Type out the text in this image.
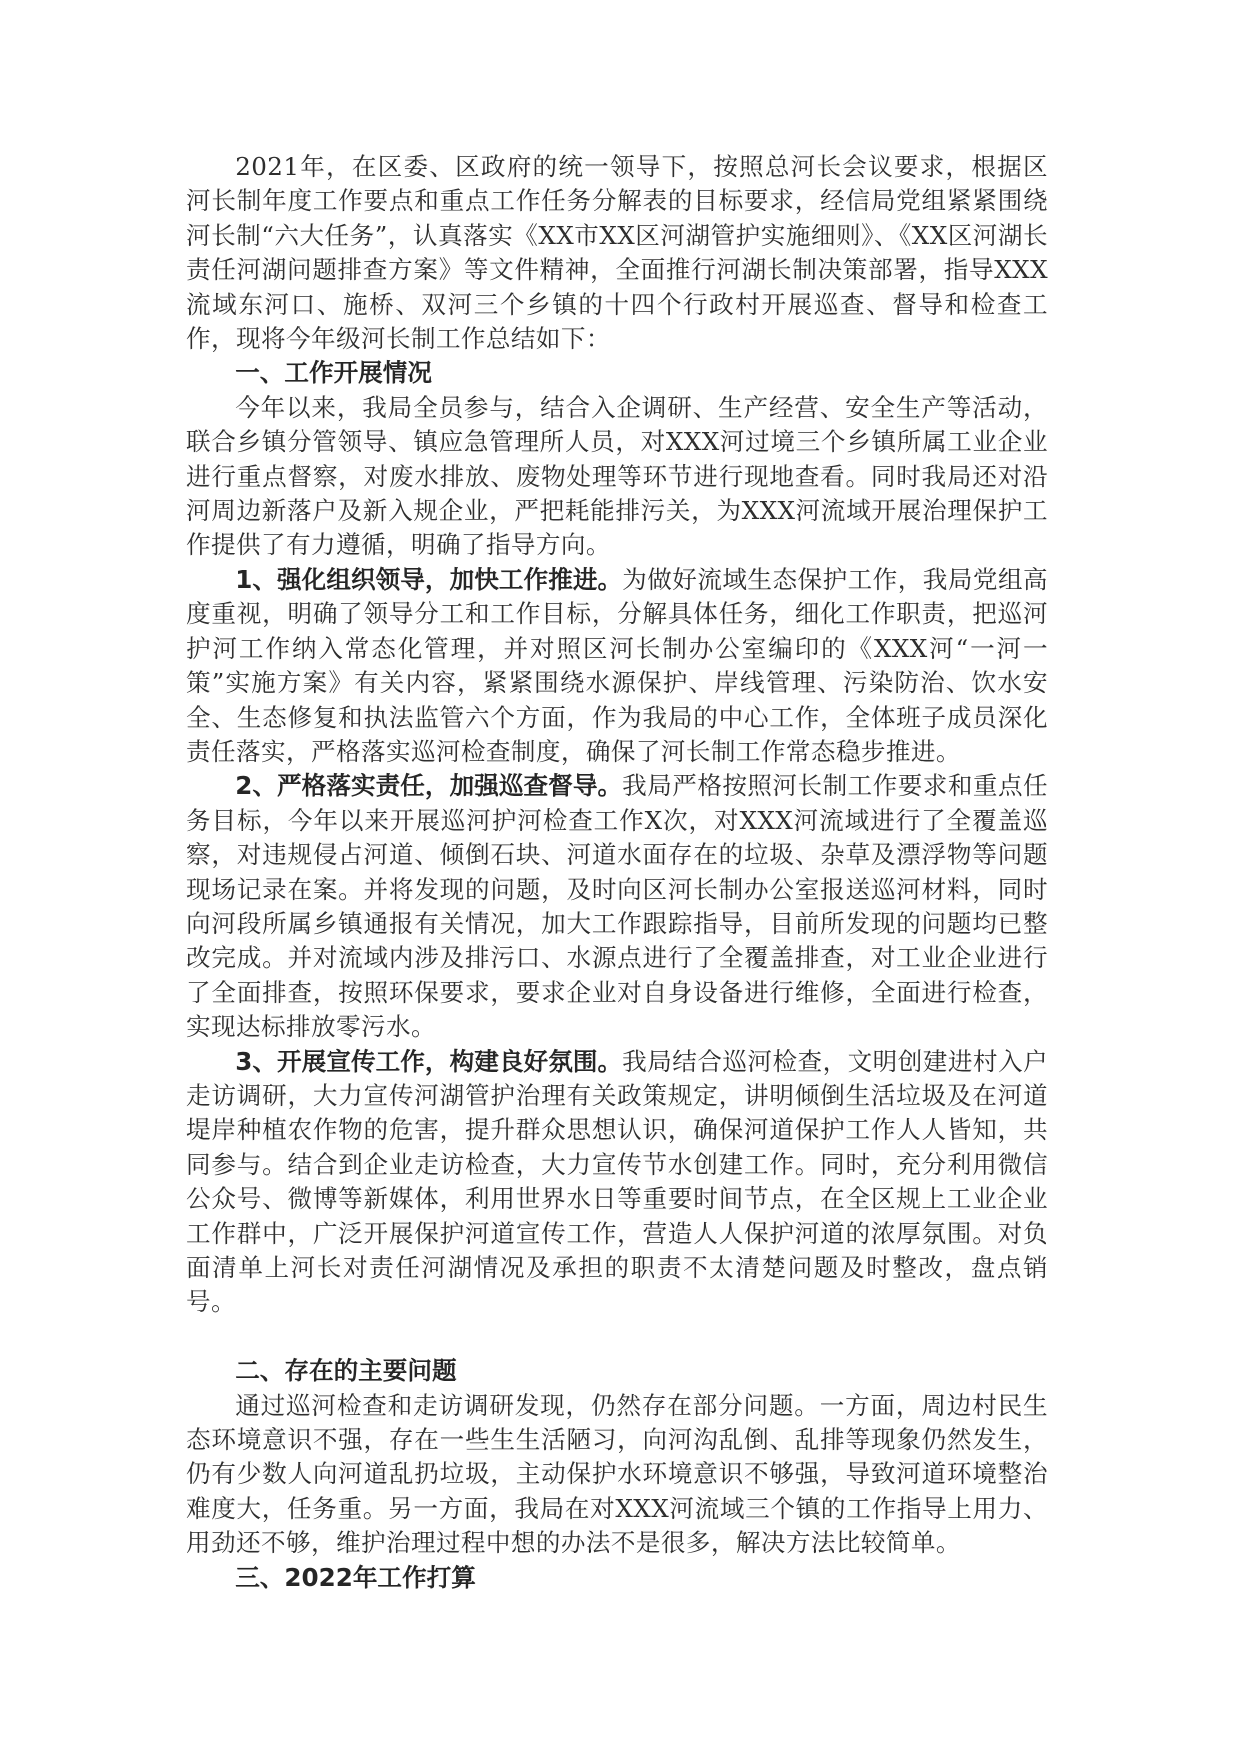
2021年，在区委、区政府的统一领导下，按照总河长会议要求，根据区河长制年度工作要点和重点工作任务分解表的目标要求，经信局党组紧紧围绕河长制“六大任务”，认真落实《XX市XX区河湖管护实施细则》、《XX区河湖长责任河湖问题排查方案》等文件精神，全面推行河湖长制决策部署，指导XXX流域东河口、施桥、双河三个乡镇的十四个行政村开展巡查、督导和检查工作，现将今年级河长制工作总结如下：

一、工作开展情况

今年以来，我局全员参与，结合入企调研、生产经营、安全生产等活动，联合乡镇分管领导、镇应急管理所人员，对XXX河过境三个乡镇所属工业企业进行重点督察，对废水排放、废物处理等环节进行现地查看。同时我局还对沿河周边新落户及新入规企业，严把耗能排污关，为XXX河流域开展治理保护工作提供了有力遵循，明确了指导方向。

1、强化组织领导，加快工作推进。为做好流域生态保护工作，我局党组高度重视，明确了领导分工和工作目标，分解具体任务，细化工作职责，把巡河护河工作纳入常态化管理，并对照区河长制办公室编印的《XXX河“一河一策”实施方案》有关内容，紧紧围绕水源保护、岸线管理、污染防治、饮水安全、生态修复和执法监管六个方面，作为我局的中心工作，全体班子成员深化责任落实，严格落实巡河检查制度，确保了河长制工作常态稳步推进。

2、严格落实责任，加强巡查督导。我局严格按照河长制工作要求和重点任务目标，今年以来开展巡河护河检查工作X次，对XXX河流域进行了全覆盖巡察，对违规侵占河道、倾倒石块、河道水面存在的垃圾、杂草及漂浮物等问题现场记录在案。并将发现的问题，及时向区河长制办公室报送巡河材料，同时向河段所属乡镇通报有关情况，加大工作跟踪指导，目前所发现的问题均已整改完成。并对流域内涉及排污口、水源点进行了全覆盖排查，对工业企业进行了全面排查，按照环保要求，要求企业对自身设备进行维修，全面进行检查，实现达标排放零污水。

3、开展宣传工作，构建良好氛围。我局结合巡河检查，文明创建进村入户走访调研，大力宣传河湖管护治理有关政策规定，讲明倾倒生活垃圾及在河道堤岸种植农作物的危害，提升群众思想认识，确保河道保护工作人人皆知，共同参与。结合到企业走访检查，大力宣传节水创建工作。同时，充分利用微信公众号、微博等新媒体，利用世界水日等重要时间节点，在全区规上工业企业工作群中，广泛开展保护河道宣传工作，营造人人保护河道的浓厚氛围。对负面清单上河长对责任河湖情况及承担的职责不太清楚问题及时整改，盘点销号。

二、存在的主要问题

通过巡河检查和走访调研发现，仍然存在部分问题。一方面，周边村民生态环境意识不强，存在一些生生活陋习，向河沟乱倒、乱排等现象仍然发生，仍有少数人向河道乱扔垃圾，主动保护水环境意识不够强，导致河道环境整治难度大，任务重。另一方面，我局在对XXX河流域三个镇的工作指导上用力、用劲还不够，维护治理过程中想的办法不是很多，解决方法比较简单。

三、2022年工作打算
